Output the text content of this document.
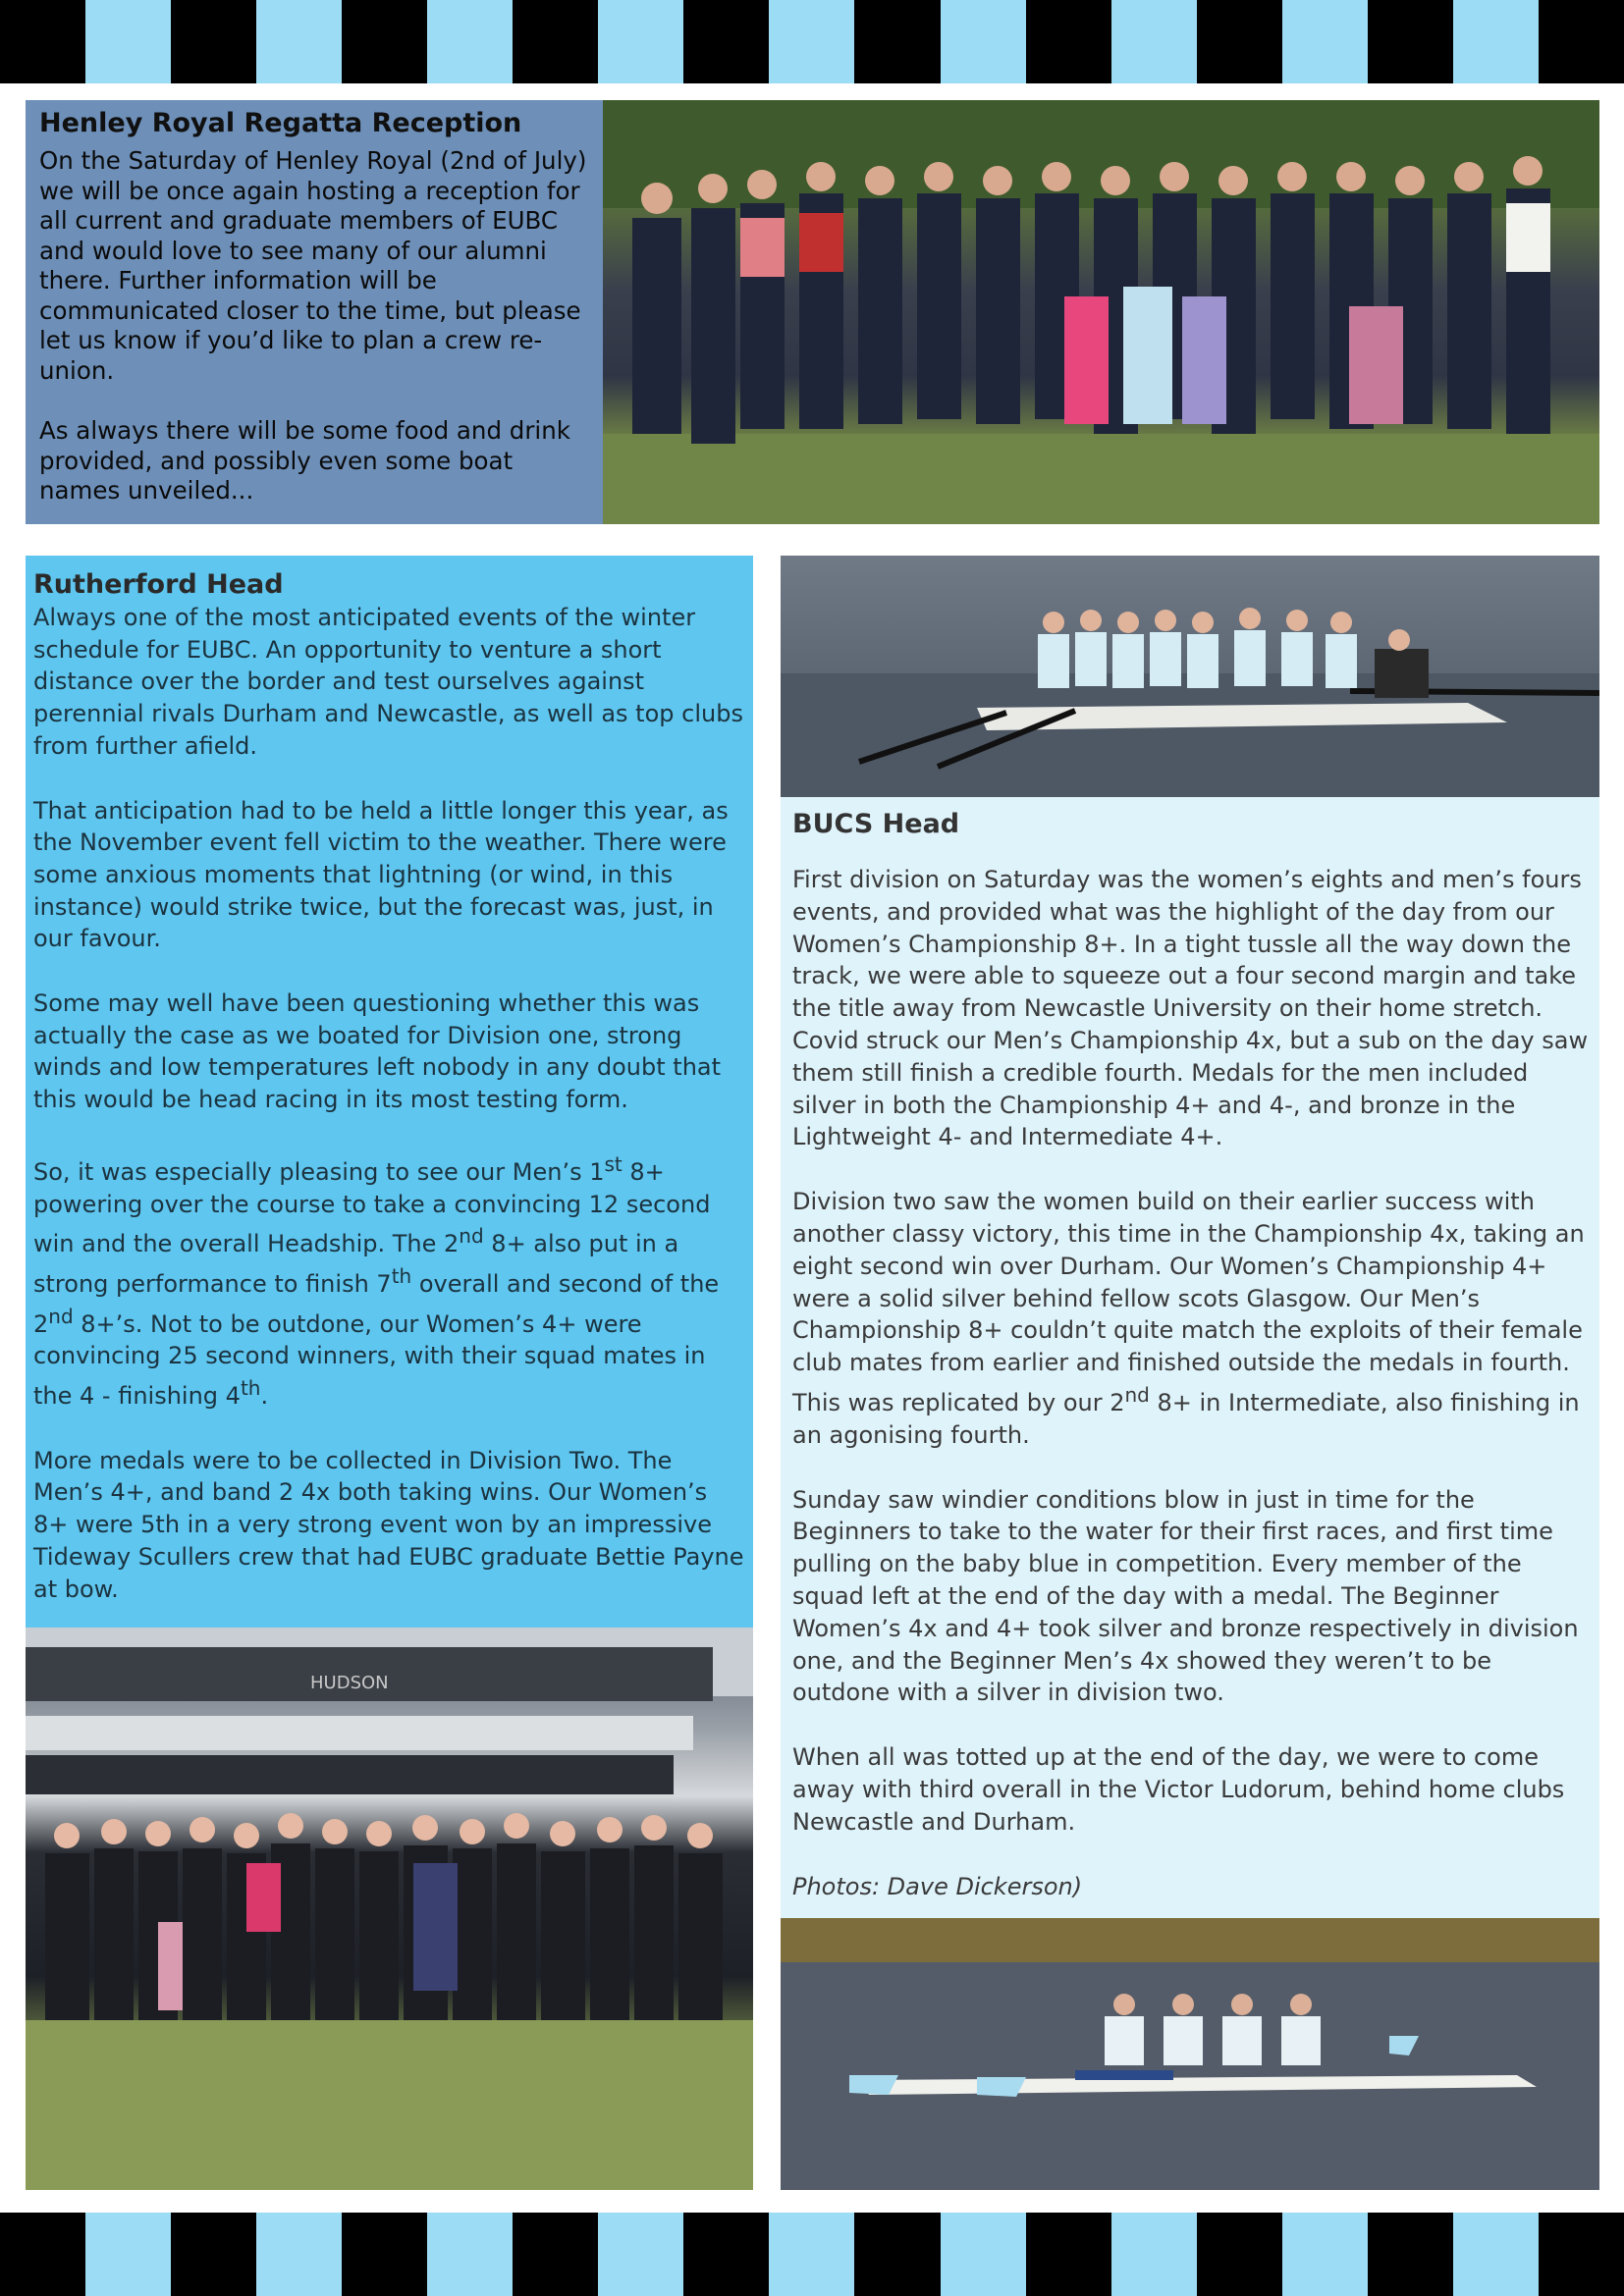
Henley Royal Regatta Reception

On the Saturday of Henley Royal (2nd of July) we will be once again hosting a reception for all current and graduate members of EUBC and would love to see many of our alumni there. Further information will be communicated closer to the time, but please let us know if you’d like to plan a crew re-union.

As always there will be some food and drink provided, and possibly even some boat names unveiled...

Rutherford Head

Always one of the most anticipated events of the winter schedule for EUBC. An opportunity to venture a short distance over the border and test ourselves against perennial rivals Durham and Newcastle, as well as top clubs from further afield.

That anticipation had to be held a little longer this year, as the November event fell victim to the weather. There were some anxious moments that lightning (or wind, in this instance) would strike twice, but the forecast was, just, in our favour.

Some may well have been questioning whether this was actually the case as we boated for Division one, strong winds and low temperatures left nobody in any doubt that this would be head racing in its most testing form.

So, it was especially pleasing to see our Men’s 1st 8+ powering over the course to take a convincing 12 second win and the overall Headship. The 2nd 8+ also put in a strong performance to finish 7th overall and second of the 2nd 8+’s. Not to be outdone, our Women’s 4+ were convincing 25 second winners, with their squad mates in the 4 - finishing 4th.

More medals were to be collected in Division Two. The Men’s 4+, and band 2 4x both taking wins. Our Women’s 8+ were 5th in a very strong event won by an impressive Tideway Scullers crew that had EUBC graduate Bettie Payne at bow.

HUDSON
BUCS Head

First division on Saturday was the women’s eights and men’s fours events, and provided what was the highlight of the day from our Women’s Championship 8+. In a tight tussle all the way down the track, we were able to squeeze out a four second margin and take the title away from Newcastle University on their home stretch. Covid struck our Men’s Championship 4x, but a sub on the day saw them still finish a credible fourth. Medals for the men included silver in both the Championship 4+ and 4-, and bronze in the Lightweight 4- and Intermediate 4+.

Division two saw the women build on their earlier success with another classy victory, this time in the Championship 4x, taking an eight second win over Durham. Our Women’s Championship 4+ were a solid silver behind fellow scots Glasgow. Our Men’s Championship 8+ couldn’t quite match the exploits of their female club mates from earlier and finished outside the medals in fourth. This was replicated by our 2nd 8+ in Intermediate, also finishing in an agonising fourth.

Sunday saw windier conditions blow in just in time for the Beginners to take to the water for their first races, and first time pulling on the baby blue in competition. Every member of the squad left at the end of the day with a medal. The Beginner Women’s 4x and 4+ took silver and bronze respectively in division one, and the Beginner Men’s 4x showed they weren’t to be outdone with a silver in division two.

When all was totted up at the end of the day, we were to come away with third overall in the Victor Ludorum, behind home clubs Newcastle and Durham.

Photos: Dave Dickerson)
